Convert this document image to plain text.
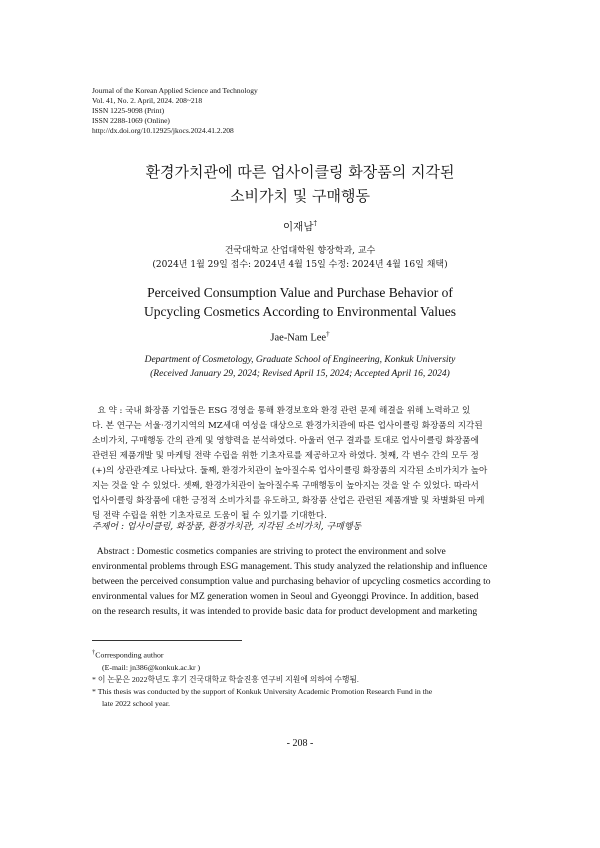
Journal of the Korean Applied Science and Technology
Vol. 41, No. 2. April, 2024. 208~218
ISSN 1225-9098 (Print)
ISSN 2288-1069 (Online)
http://dx.doi.org/10.12925/jkocs.2024.41.2.208
환경가치관에 따른 업사이클링 화장품의 지각된
소비가치 및 구매행동
이재남†
건국대학교 산업대학원 향장학과, 교수
(2024년 1월 29일 접수: 2024년 4월 15일 수정: 2024년 4월 16일 채택)
Perceived Consumption Value and Purchase Behavior of
Upcycling Cosmetics According to Environmental Values
Jae-Nam Lee†
Department of Cosmetology, Graduate School of Engineering, Konkuk University
(Received January 29, 2024; Revised April 15, 2024; Accepted April 16, 2024)
요 약 : 국내 화장품 기업들은 ESG 경영을 통해 환경보호와 환경 관련 문제 해결을 위해 노력하고 있
다. 본 연구는 서울·경기지역의 MZ세대 여성을 대상으로 환경가치관에 따른 업사이클링 화장품의 지각된
소비가치, 구매행동 간의 관계 및 영향력을 분석하였다. 아울러 연구 결과를 토대로 업사이클링 화장품에
관련된 제품개발 및 마케팅 전략 수립을 위한 기초자료를 제공하고자 하였다. 첫째, 각 변수 간의 모두 정
(+)의 상관관계로 나타났다. 둘째, 환경가치관이 높아질수록 업사이클링 화장품의 지각된 소비가치가 높아
지는 것을 알 수 있었다. 셋째, 환경가치관이 높아질수록 구매행동이 높아지는 것을 알 수 있었다. 따라서
업사이클링 화장품에 대한 긍정적 소비가치를 유도하고, 화장품 산업은 관련된 제품개발 및 차별화된 마케
팅 전략 수립을 위한 기초자료로 도움이 될 수 있기를 기대한다.
주제어 : 업사이클링, 화장품, 환경가치관, 지각된 소비가치, 구매행동
Abstract : Domestic cosmetics companies are striving to protect the environment and solve
environmental problems through ESG management. This study analyzed the relationship and influence
between the perceived consumption value and purchasing behavior of upcycling cosmetics according to
environmental values for MZ generation women in Seoul and Gyeonggi Province. In addition, based
on the research results, it was intended to provide basic data for product development and marketing
†Corresponding author
(E-mail: jn386@konkuk.ac.kr )
* 이 논문은 2022학년도 후기 건국대학교 학술진흥 연구비 지원에 의하여 수행됨.
* This thesis was conducted by the support of Konkuk University Academic Promotion Research Fund in the
late 2022 school year.
- 208 -
